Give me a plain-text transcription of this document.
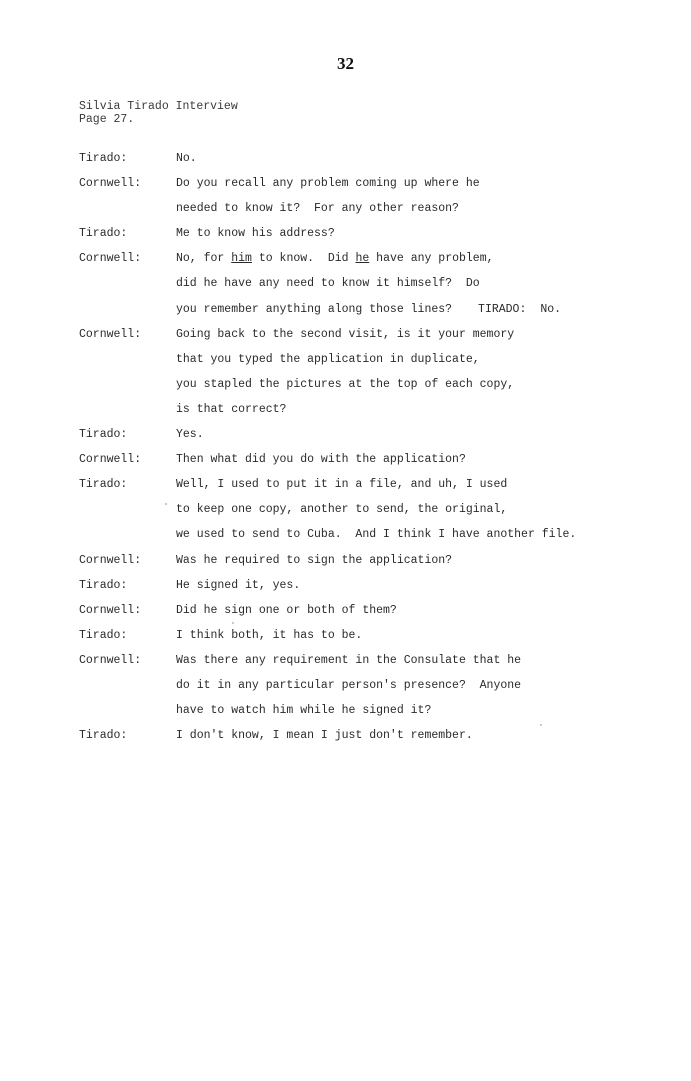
32
Silvia Tirado Interview
Page 27.

Tirado:

	No.

Cornwell:

	Do you recall any problem coming up where he

needed to know it?  For any other reason?

Tirado:

	Me to know his address?

Cornwell:

	No, for him to know.  Did he have any problem,

did he have any need to know it himself?  Do

you remember anything along those lines? TIRADO: No.

Cornwell:

	Going back to the second visit, is it your memory

that you typed the application in duplicate,

you stapled the pictures at the top of each copy,

is that correct?

Tirado:

	Yes.

Cornwell:

	Then what did you do with the application?

Tirado:

	Well, I used to put it in a file, and uh, I used

to keep one copy, another to send, the original,

we used to send to Cuba.  And I think I have another file.

Cornwell:

	Was he required to sign the application?

Tirado:

	He signed it, yes.

Cornwell:

	Did he sign one or both of them?

Tirado:

	I think both, it has to be.

Cornwell:

	Was there any requirement in the Consulate that he

do it in any particular person's presence?  Anyone

have to watch him while he signed it?

Tirado:

	I don't know, I mean I just don't remember.
